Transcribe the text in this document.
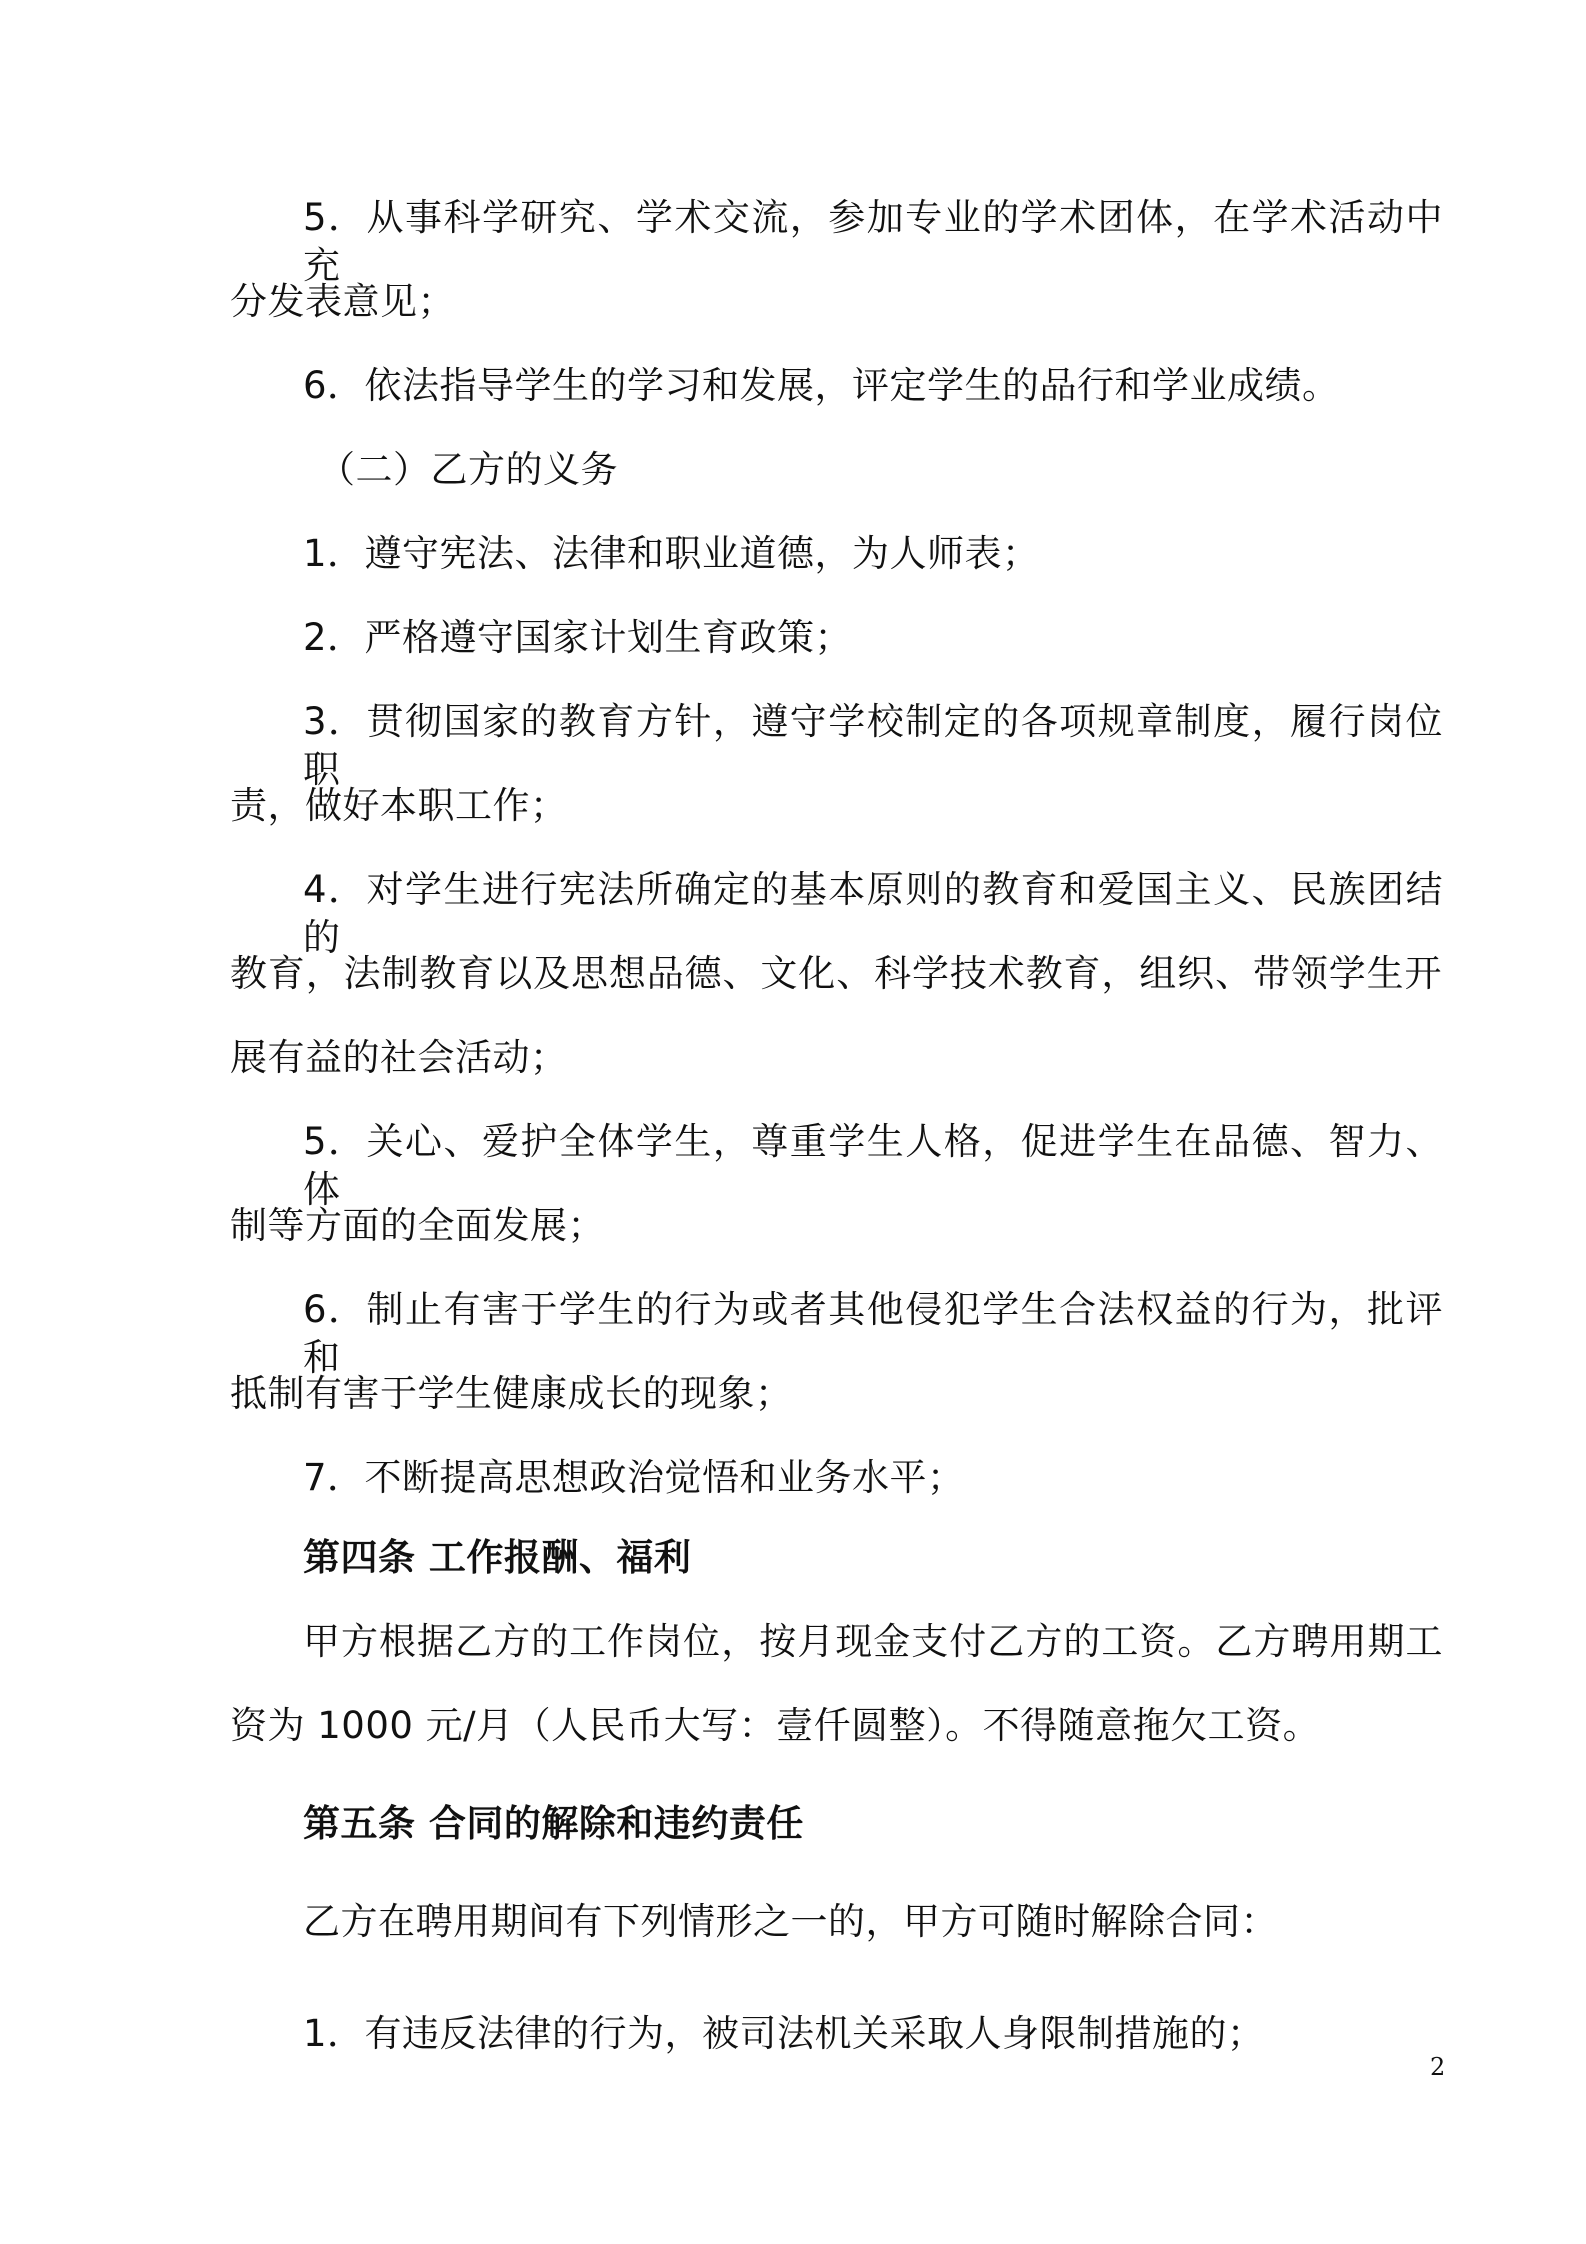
5．从事科学研究、学术交流，参加专业的学术团体，在学术活动中充
分发表意见；
6．依法指导学生的学习和发展，评定学生的品行和学业成绩。
（二）乙方的义务
1．遵守宪法、法律和职业道德，为人师表；
2．严格遵守国家计划生育政策；
3．贯彻国家的教育方针，遵守学校制定的各项规章制度，履行岗位职
责，做好本职工作；
4．对学生进行宪法所确定的基本原则的教育和爱国主义、民族团结的
教育，法制教育以及思想品德、文化、科学技术教育，组织、带领学生开
展有益的社会活动；
5．关心、爱护全体学生，尊重学生人格，促进学生在品德、智力、体
制等方面的全面发展；
6．制止有害于学生的行为或者其他侵犯学生合法权益的行为，批评和
抵制有害于学生健康成长的现象；
7．不断提高思想政治觉悟和业务水平；
第四条 工作报酬、福利
甲方根据乙方的工作岗位，按月现金支付乙方的工资。乙方聘用期工
资为 1000 元/月（人民币大写：壹仟圆整）。不得随意拖欠工资。
第五条 合同的解除和违约责任
乙方在聘用期间有下列情形之一的，甲方可随时解除合同：
1．有违反法律的行为，被司法机关采取人身限制措施的；
2
